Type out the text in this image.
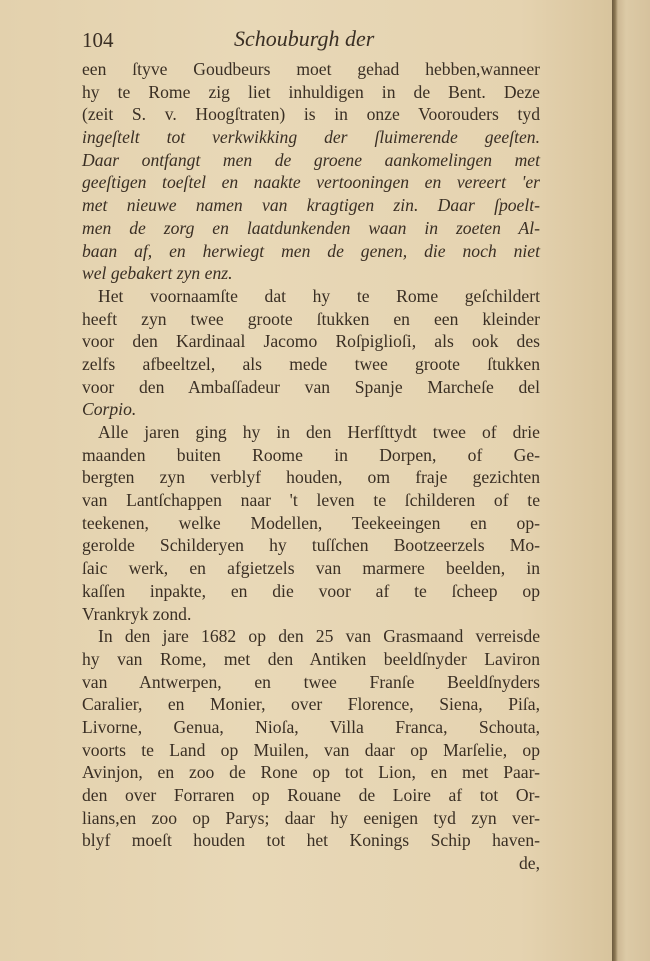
104	Schouburgh der
een ſtyve Goudbeurs moet gehad hebben,wanneer
hy te Rome zig liet inhuldigen in de Bent. Deze
(zeit S. v. Hoogſtraten) is in onze Voorouders tyd
ingeſtelt tot verkwikking der ſluimerende geeſten.
Daar ontfangt men de groene aankomelingen met
geeſtigen toeſtel en naakte vertooningen en vereert 'er
met nieuwe namen van kragtigen zin. Daar ſpoelt-
men de zorg en laatdunkenden waan in zoeten Al-
baan af, en herwiegt men de genen, die noch niet
wel gebakert zyn enz.
Het voornaamſte dat hy te Rome geſchildert
heeft zyn twee groote ſtukken en een kleinder
voor den Kardinaal Jacomo Roſpiglioſi, als ook des
zelfs afbeeltzel, als mede twee groote ſtukken
voor den Ambaſſadeur van Spanje Marcheſe del
Corpio.
Alle jaren ging hy in den Herfſttydt twee of drie
maanden buiten Roome in Dorpen, of Ge-
bergten zyn verblyf houden, om fraje gezichten
van Lantſchappen naar 't leven te ſchilderen of te
teekenen, welke Modellen, Teekeeingen en op-
gerolde Schilderyen hy tuſſchen Bootzeerzels Mo-
ſaic werk, en afgietzels van marmere beelden, in
kaſſen inpakte, en die voor af te ſcheep op
Vrankryk zond.
In den jare 1682 op den 25 van Grasmaand verreisde
hy van Rome, met den Antiken beeldſnyder Laviron
van Antwerpen, en twee Franſe Beeldſnyders
Caralier, en Monier, over Florence, Siena, Piſa,
Livorne, Genua, Nioſa, Villa Franca, Schouta,
voorts te Land op Muilen, van daar op Marſelie, op
Avinjon, en zoo de Rone op tot Lion, en met Paar-
den over Forraren op Rouane de Loire af tot Or-
lians,en zoo op Parys; daar hy eenigen tyd zyn ver-
blyf moeſt houden tot het Konings Schip haven-
de,
